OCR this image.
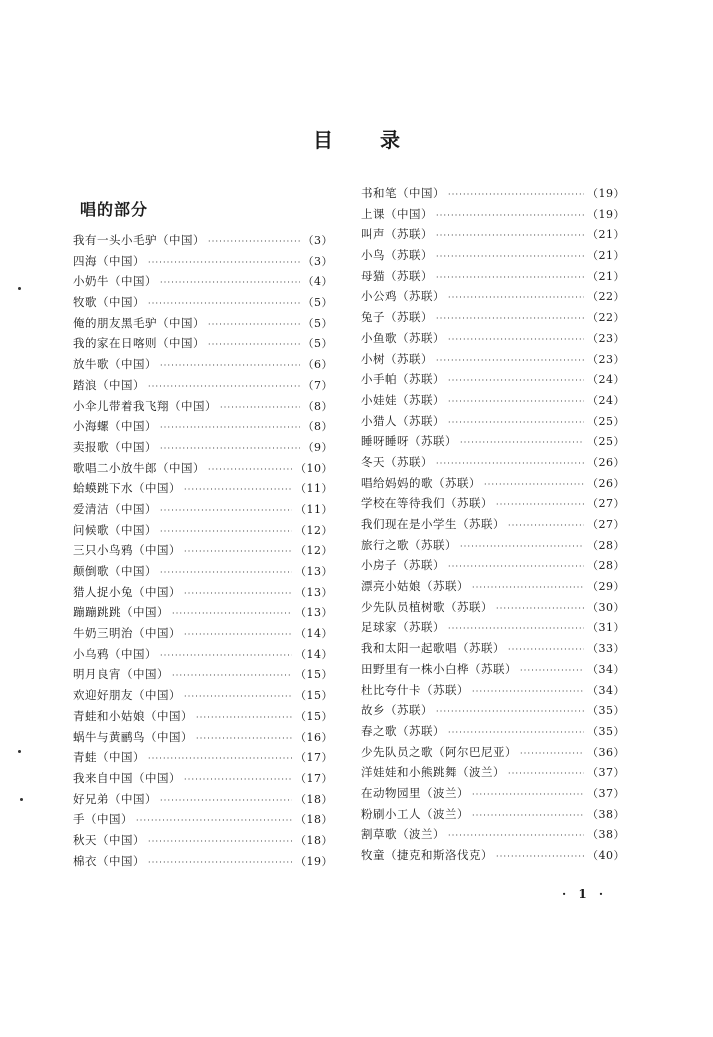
目 录
唱的部分
我有一头小毛驴（中国） ·····	（3）
四海（中国） ·····	（3）
小奶牛（中国） ·····	（4）
牧歌（中国） ·····	（5）
俺的朋友黑毛驴（中国） ·····	（5）
我的家在日喀则（中国） ·····	（5）
放牛歌（中国） ·····	（6）
踏浪（中国） ·····	（7）
小伞儿带着我飞翔（中国） ·····	（8）
小海螺（中国） ·····	（8）
卖报歌（中国） ·····	（9）
歌唱二小放牛郎（中国） ·····	（10）
蛤蟆跳下水（中国） ·····	（11）
爱清洁（中国） ·····	（11）
问候歌（中国） ·····	（12）
三只小鸟鸦（中国） ·····	（12）
颠倒歌（中国） ·····	（13）
猎人捉小兔（中国） ·····	（13）
蹦蹦跳跳（中国） ·····	（13）
牛奶三明治（中国） ·····	（14）
小乌鸦（中国） ·····	（14）
明月良宵（中国） ·····	（15）
欢迎好朋友（中国） ·····	（15）
青蛙和小姑娘（中国） ·····	（15）
蜗牛与黄鹂鸟（中国） ·····	（16）
青蛙（中国） ·····	（17）
我来自中国（中国） ·····	（17）
好兄弟（中国） ·····	（18）
手（中国） ·····	（18）
秋天（中国） ·····	（18）
棉衣（中国） ·····	（19）
书和笔（中国） ·····	（19）
上课（中国） ·····	（19）
叫声（苏联） ·····	（21）
小鸟（苏联） ·····	（21）
母猫（苏联） ·····	（21）
小公鸡（苏联） ·····	（22）
兔子（苏联） ·····	（22）
小鱼歌（苏联） ·····	（23）
小树（苏联） ·····	（23）
小手帕（苏联） ·····	（24）
小娃娃（苏联） ·····	（24）
小猎人（苏联） ·····	（25）
睡呀睡呀（苏联） ·····	（25）
冬天（苏联） ·····	（26）
唱给妈妈的歌（苏联） ·····	（26）
学校在等待我们（苏联） ·····	（27）
我们现在是小学生（苏联） ·····	（27）
旅行之歌（苏联） ·····	（28）
小房子（苏联） ·····	（28）
漂亮小姑娘（苏联） ·····	（29）
少先队员植树歌（苏联） ·····	（30）
足球家（苏联） ·····	（31）
我和太阳一起歌唱（苏联） ·····	（33）
田野里有一株小白桦（苏联） ·····	（34）
杜比夸什卡（苏联） ·····	（34）
故乡（苏联） ·····	（35）
春之歌（苏联） ·····	（35）
少先队员之歌（阿尔巴尼亚） ·····	（36）
洋娃娃和小熊跳舞（波兰） ·····	（37）
在动物园里（波兰） ·····	（37）
粉刷小工人（波兰） ·····	（38）
割草歌（波兰） ·····	（38）
牧童（捷克和斯洛伐克） ·····	（40）
· 1 ·
